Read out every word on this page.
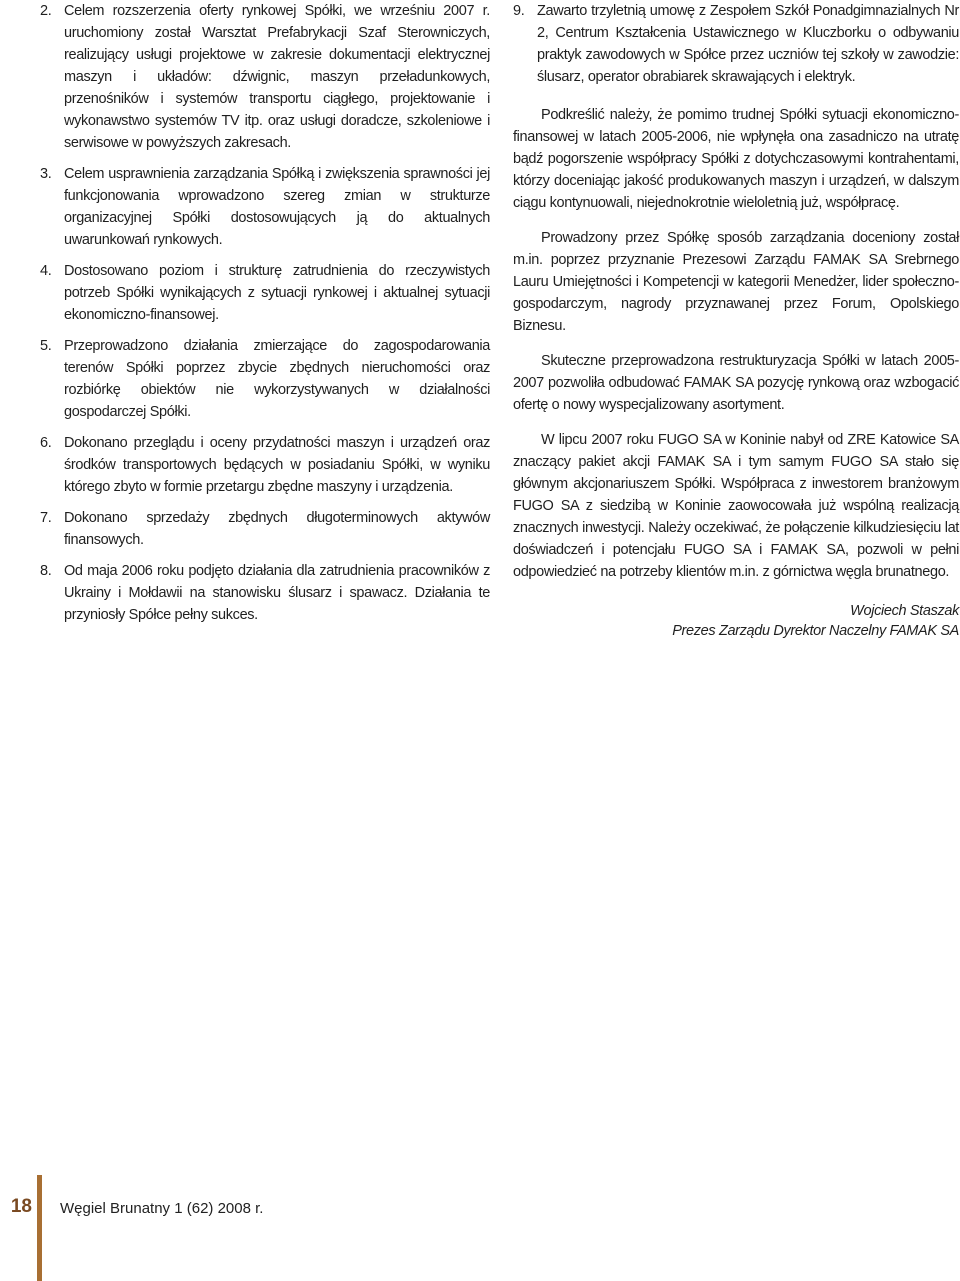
2. Celem rozszerzenia oferty rynkowej Spółki, we wrześniu 2007 r. uruchomiony został Warsztat Prefabrykacji Szaf Sterowniczych, realizujący usługi projektowe w zakresie dokumentacji elektrycznej maszyn i układów: dźwignic, maszyn przeładunkowych, przenośników i systemów transportu ciągłego, projektowanie i wykonawstwo systemów TV itp. oraz usługi doradcze, szkoleniowe i serwisowe w powyższych zakresach.
3. Celem usprawnienia zarządzania Spółką i zwiększenia sprawności jej funkcjonowania wprowadzono szereg zmian w strukturze organizacyjnej Spółki dostosowujących ją do aktualnych uwarunkowań rynkowych.
4. Dostosowano poziom i strukturę zatrudnienia do rzeczywistych potrzeb Spółki wynikających z sytuacji rynkowej i aktualnej sytuacji ekonomiczno-finansowej.
5. Przeprowadzono działania zmierzające do zagospodarowania terenów Spółki poprzez zbycie zbędnych nieruchomości oraz rozbiórkę obiektów nie wykorzystywanych w działalności gospodarczej Spółki.
6. Dokonano przeglądu i oceny przydatności maszyn i urządzeń oraz środków transportowych będących w posiadaniu Spółki, w wyniku którego zbyto w formie przetargu zbędne maszyny i urządzenia.
7. Dokonano sprzedaży zbędnych długoterminowych aktywów finansowych.
8. Od maja 2006 roku podjęto działania dla zatrudnienia pracowników z Ukrainy i Mołdawii na stanowisku ślusarz i spawacz. Działania te przyniosły Spółce pełny sukces.
9. Zawarto trzyletnią umowę z Zespołem Szkół Ponadgimnazialnych Nr 2, Centrum Kształcenia Ustawicznego w Kluczborku o odbywaniu praktyk zawodowych w Spółce przez uczniów tej szkoły w zawodzie: ślusarz, operator obrabiarek skrawających i elektryk.

Podkreślić należy, że pomimo trudnej Spółki sytuacji ekonomiczno-finansowej w latach 2005-2006, nie wpłynęła ona zasadniczo na utratę bądź pogorszenie współpracy Spółki z dotychczasowymi kontrahentami, którzy doceniając jakość produkowanych maszyn i urządzeń, w dalszym ciągu kontynuowali, niejednokrotnie wieloletnią już, współpracę.

Prowadzony przez Spółkę sposób zarządzania doceniony został m.in. poprzez przyznanie Prezesowi Zarządu FAMAK SA Srebrnego Lauru Umiejętności i Kompetencji w kategorii Menedżer, lider społeczno-gospodarczym, nagrody przyznawanej przez Forum, Opolskiego Biznesu.

Skuteczne przeprowadzona restrukturyzacja Spółki w latach 2005-2007 pozwoliła odbudować FAMAK SA pozycję rynkową oraz wzbogacić ofertę o nowy wyspecjalizowany asortyment.

W lipcu 2007 roku FUGO SA w Koninie nabył od ZRE Katowice SA znaczący pakiet akcji FAMAK SA i tym samym FUGO SA stało się głównym akcjonariuszem Spółki. Współpraca z inwestorem branżowym FUGO SA z siedzibą w Koninie zaowocowała już wspólną realizacją znacznych inwestycji. Należy oczekiwać, że połączenie kilkudziesięciu lat doświadczeń i potencjału FUGO SA i FAMAK SA, pozwoli w pełni odpowiedzieć na potrzeby klientów m.in. z górnictwa węgla brunatnego.

Wojciech Staszak
Prezes Zarządu Dyrektor Naczelny FAMAK SA
18 Węgiel Brunatny 1 (62) 2008 r.
